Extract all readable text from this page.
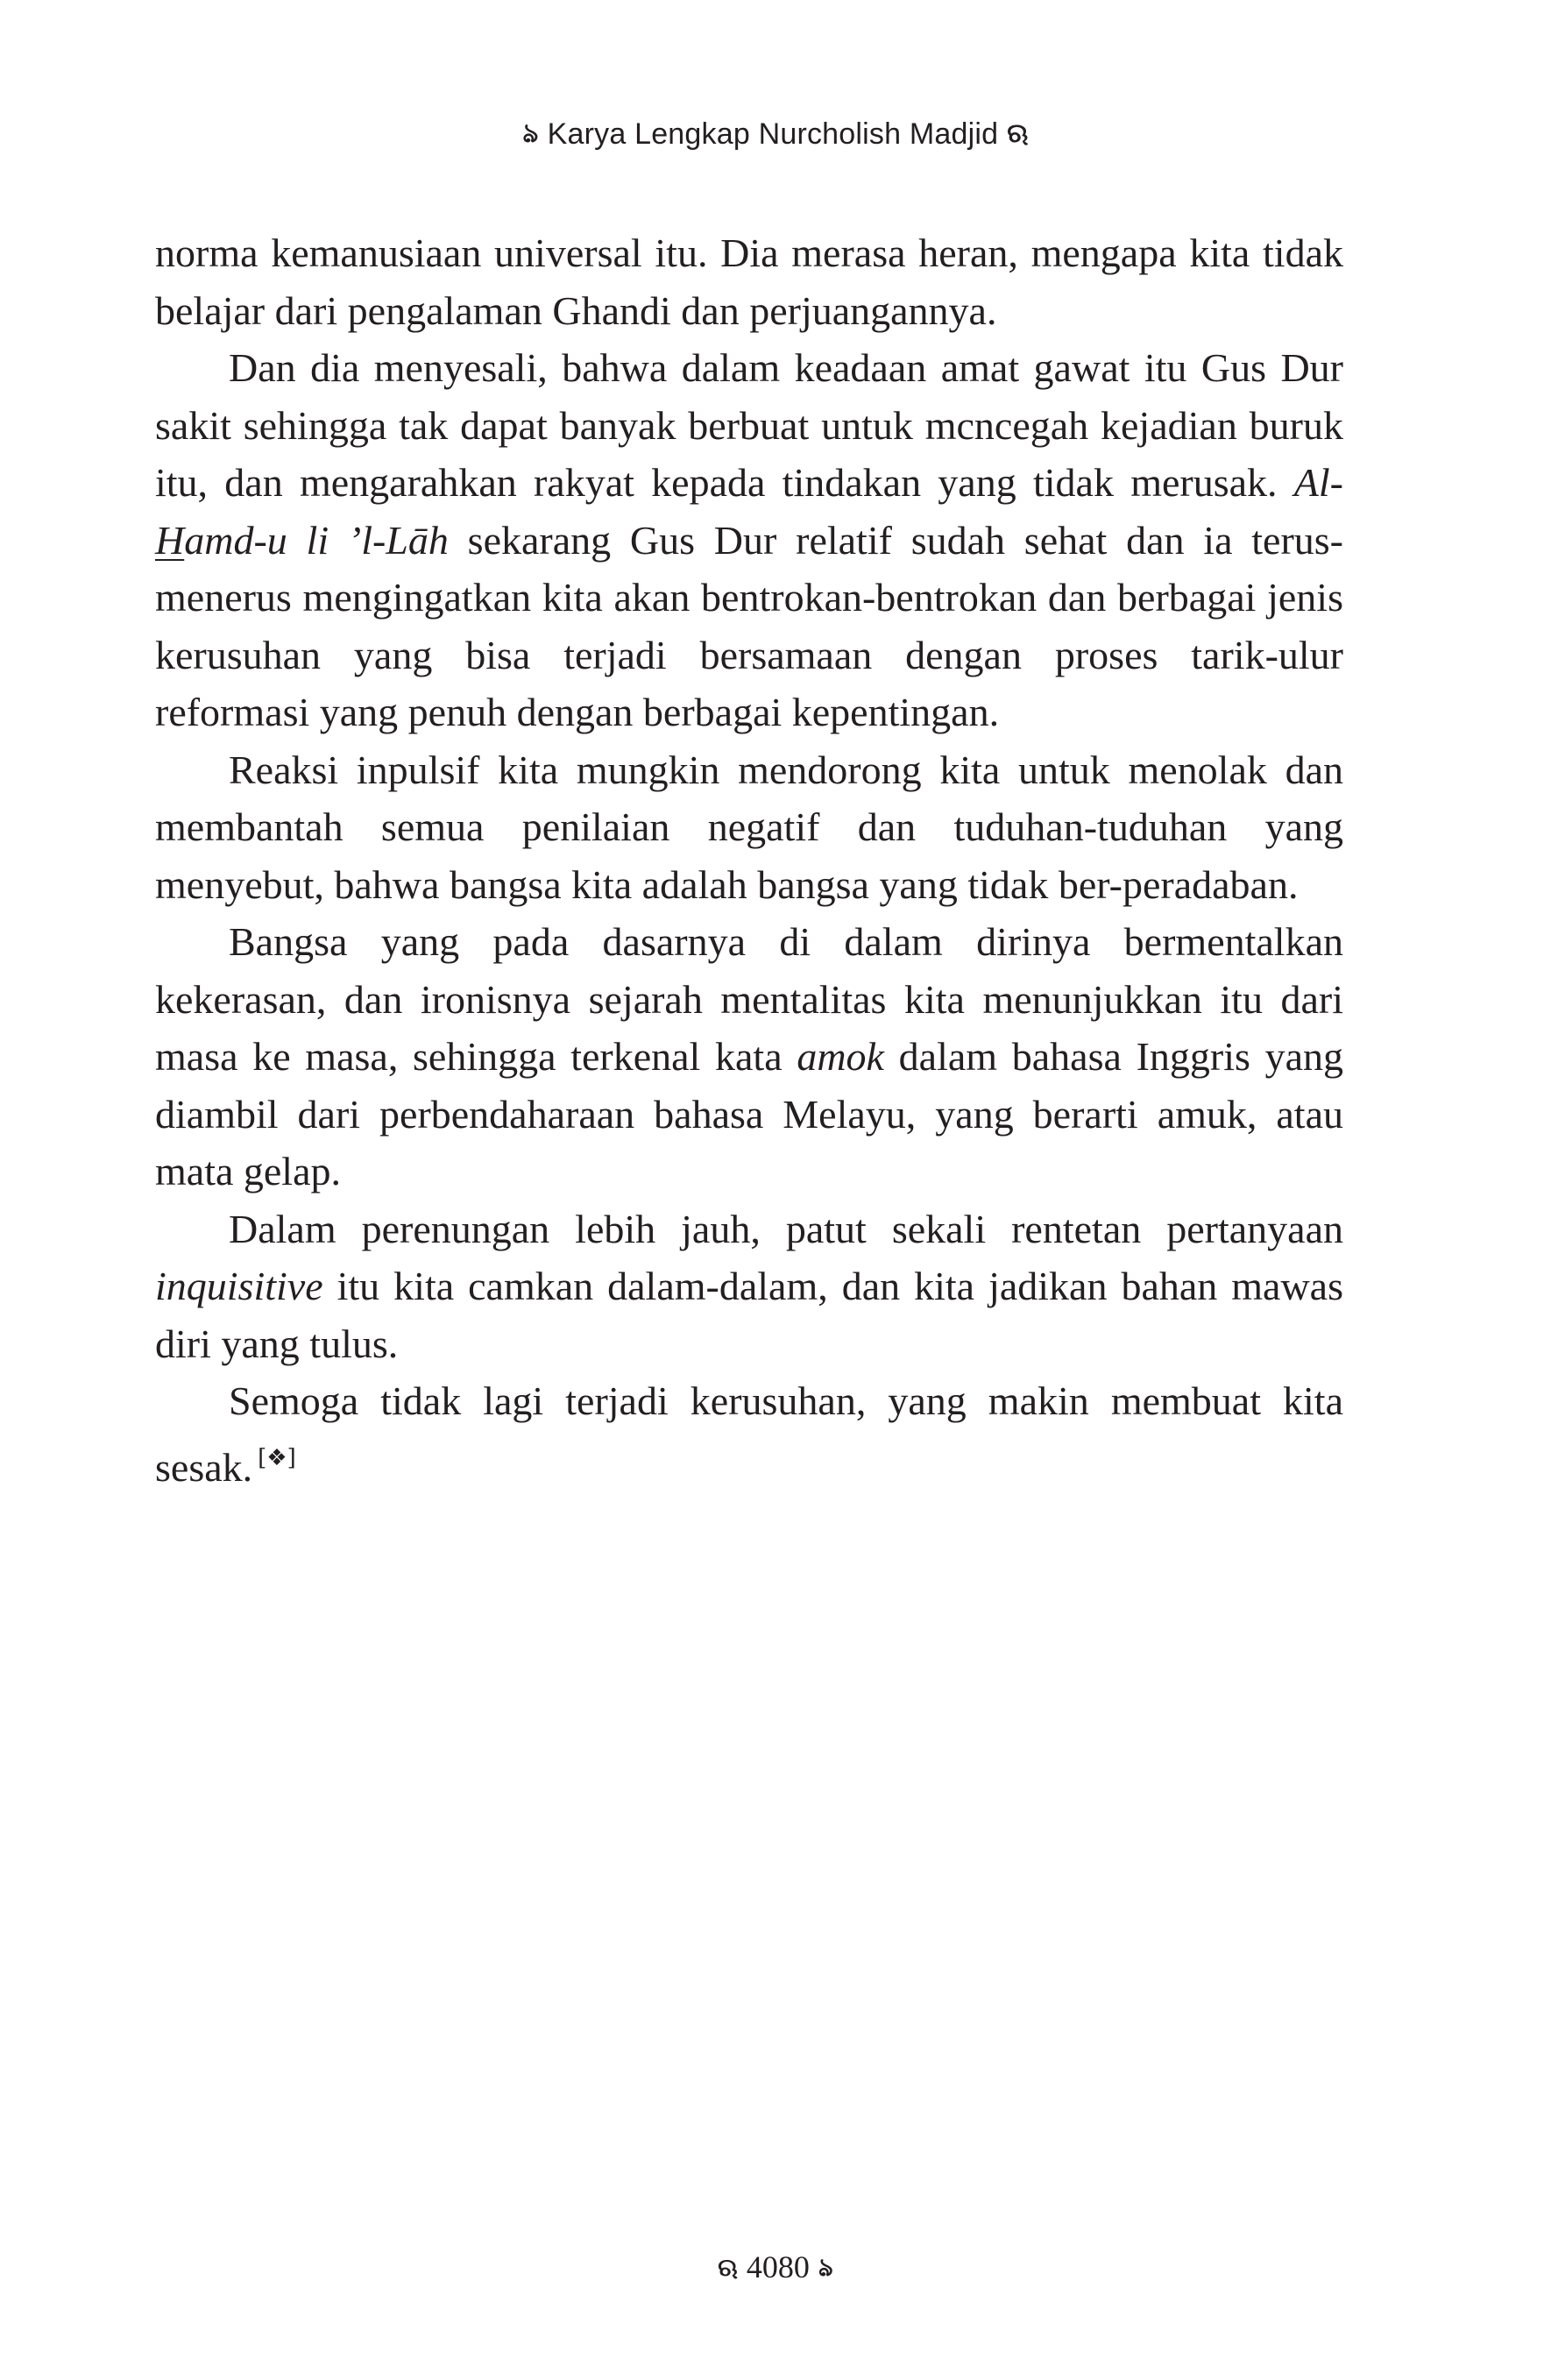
ঌ Karya Lengkap Nurcholish Madjid ଋ

norma kemanusiaan universal itu. Dia merasa heran, mengapa kita tidak belajar dari pengalaman Ghandi dan perjuangannya.

Dan dia menyesali, bahwa dalam keadaan amat gawat itu Gus Dur sakit sehingga tak dapat banyak berbuat untuk mcncegah kejadian buruk itu, dan mengarahkan rakyat kepada tindakan yang tidak merusak. Al-Hamd-u li ’l-Lāh sekarang Gus Dur relatif sudah sehat dan ia terus-menerus mengingatkan kita akan bentrokan-bentrokan dan berbagai jenis kerusuhan yang bisa terjadi bersamaan dengan proses tarik-ulur reformasi yang penuh dengan berbagai kepentingan.

Reaksi inpulsif kita mungkin mendorong kita untuk menolak dan membantah semua penilaian negatif dan tuduhan-tuduhan yang menyebut, bahwa bangsa kita adalah bangsa yang tidak ber-peradaban.

Bangsa yang pada dasarnya di dalam dirinya bermentalkan kekerasan, dan ironisnya sejarah mentalitas kita menunjukkan itu dari masa ke masa, sehingga terkenal kata amok dalam bahasa Inggris yang diambil dari perbendaharaan bahasa Melayu, yang berarti amuk, atau mata gelap.

Dalam perenungan lebih jauh, patut sekali rentetan pertanyaan inquisitive itu kita camkan dalam-dalam, dan kita jadikan bahan mawas diri yang tulus.

Semoga tidak lagi terjadi kerusuhan, yang makin membuat kita sesak. [❖]

ଋ 4080 ঌ
